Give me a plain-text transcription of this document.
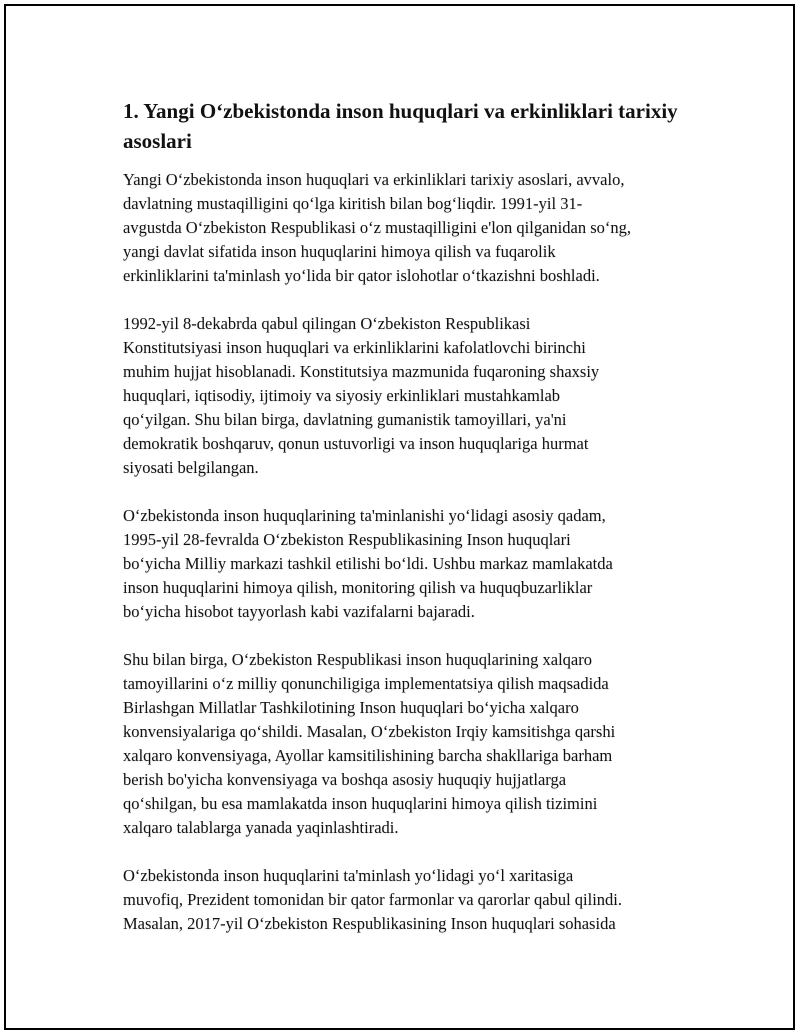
1. Yangi O‘zbekistonda inson huquqlari va erkinliklari tarixiy
asoslari

Yangi O‘zbekistonda inson huquqlari va erkinliklari tarixiy asoslari, avvalo,
davlatning mustaqilligini qo‘lga kiritish bilan bog‘liqdir. 1991-yil 31-
avgustda O‘zbekiston Respublikasi o‘z mustaqilligini e'lon qilganidan so‘ng,
yangi davlat sifatida inson huquqlarini himoya qilish va fuqarolik
erkinliklarini ta'minlash yo‘lida bir qator islohotlar o‘tkazishni boshladi.

1992-yil 8-dekabrda qabul qilingan O‘zbekiston Respublikasi
Konstitutsiyasi inson huquqlari va erkinliklarini kafolatlovchi birinchi
muhim hujjat hisoblanadi. Konstitutsiya mazmunida fuqaroning shaxsiy
huquqlari, iqtisodiy, ijtimoiy va siyosiy erkinliklari mustahkamlab
qo‘yilgan. Shu bilan birga, davlatning gumanistik tamoyillari, ya'ni
demokratik boshqaruv, qonun ustuvorligi va inson huquqlariga hurmat
siyosati belgilangan.

O‘zbekistonda inson huquqlarining ta'minlanishi yo‘lidagi asosiy qadam,
1995-yil 28-fevralda O‘zbekiston Respublikasining Inson huquqlari
bo‘yicha Milliy markazi tashkil etilishi bo‘ldi. Ushbu markaz mamlakatda
inson huquqlarini himoya qilish, monitoring qilish va huquqbuzarliklar
bo‘yicha hisobot tayyorlash kabi vazifalarni bajaradi.

Shu bilan birga, O‘zbekiston Respublikasi inson huquqlarining xalqaro
tamoyillarini o‘z milliy qonunchiligiga implementatsiya qilish maqsadida
Birlashgan Millatlar Tashkilotining Inson huquqlari bo‘yicha xalqaro
konvensiyalariga qo‘shildi. Masalan, O‘zbekiston Irqiy kamsitishga qarshi
xalqaro konvensiyaga, Ayollar kamsitilishining barcha shakllariga barham
berish bo'yicha konvensiyaga va boshqa asosiy huquqiy hujjatlarga
qo‘shilgan, bu esa mamlakatda inson huquqlarini himoya qilish tizimini
xalqaro talablarga yanada yaqinlashtiradi.

O‘zbekistonda inson huquqlarini ta'minlash yo‘lidagi yo‘l xaritasiga
muvofiq, Prezident tomonidan bir qator farmonlar va qarorlar qabul qilindi.
Masalan, 2017-yil O‘zbekiston Respublikasining Inson huquqlari sohasida
